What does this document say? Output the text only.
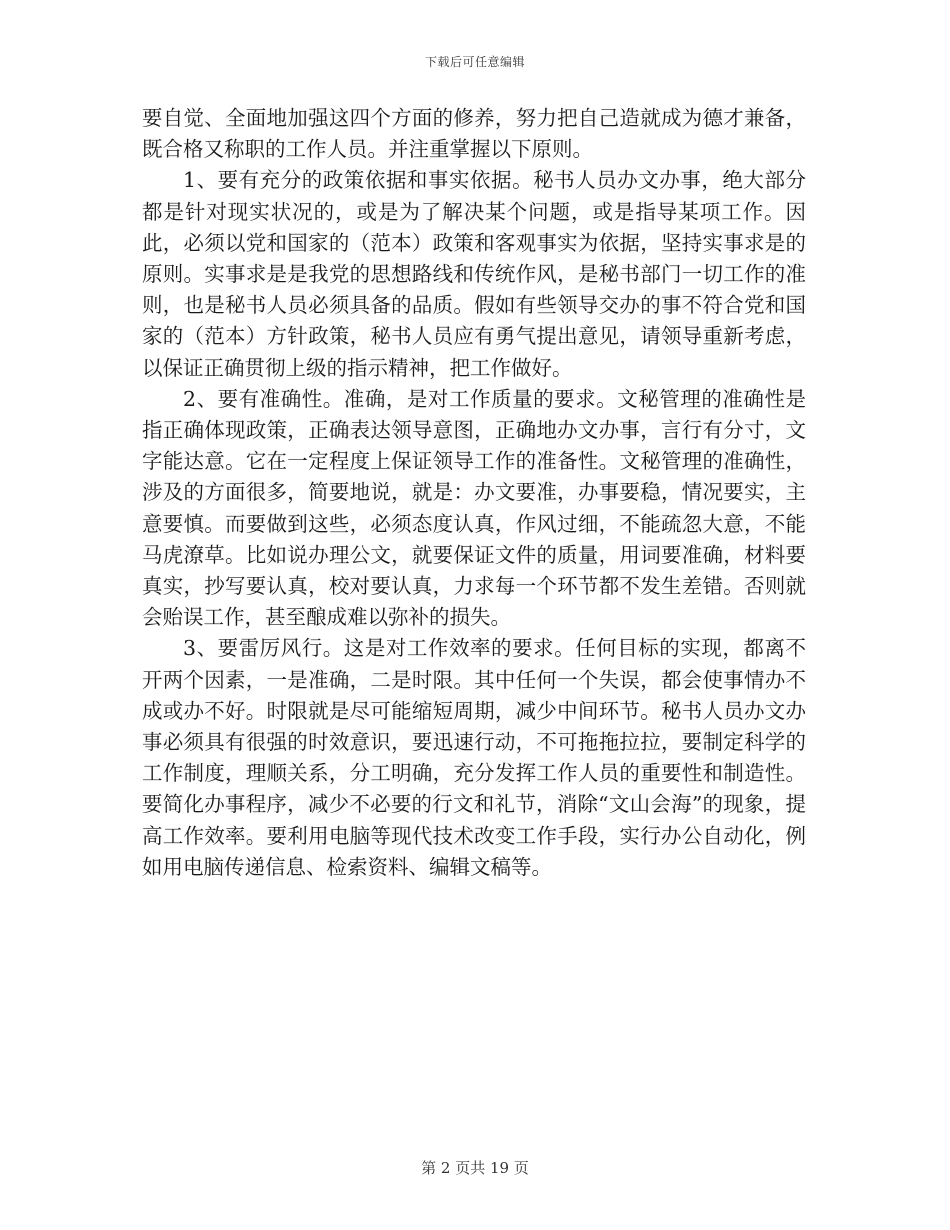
下载后可任意编辑

要自觉、全面地加强这四个方面的修养，努力把自己造就成为德才兼备，既合格又称职的工作人员。并注重掌握以下原则。

1、要有充分的政策依据和事实依据。秘书人员办文办事，绝大部分都是针对现实状况的，或是为了解决某个问题，或是指导某项工作。因此，必须以党和国家的（范本）政策和客观事实为依据，坚持实事求是的原则。实事求是是我党的思想路线和传统作风，是秘书部门一切工作的准则，也是秘书人员必须具备的品质。假如有些领导交办的事不符合党和国家的（范本）方针政策，秘书人员应有勇气提出意见，请领导重新考虑，以保证正确贯彻上级的指示精神，把工作做好。

2、要有准确性。准确，是对工作质量的要求。文秘管理的准确性是指正确体现政策，正确表达领导意图，正确地办文办事，言行有分寸，文字能达意。它在一定程度上保证领导工作的准备性。文秘管理的准确性，涉及的方面很多，简要地说，就是：办文要准，办事要稳，情况要实，主意要慎。而要做到这些，必须态度认真，作风过细，不能疏忽大意，不能马虎潦草。比如说办理公文，就要保证文件的质量，用词要准确，材料要真实，抄写要认真，校对要认真，力求每一个环节都不发生差错。否则就会贻误工作，甚至酿成难以弥补的损失。

3、要雷厉风行。这是对工作效率的要求。任何目标的实现，都离不开两个因素，一是准确，二是时限。其中任何一个失误，都会使事情办不成或办不好。时限就是尽可能缩短周期，减少中间环节。秘书人员办文办事必须具有很强的时效意识，要迅速行动，不可拖拖拉拉，要制定科学的工作制度，理顺关系，分工明确，充分发挥工作人员的重要性和制造性。要简化办事程序，减少不必要的行文和礼节，消除“文山会海”的现象，提高工作效率。要利用电脑等现代技术改变工作手段，实行办公自动化，例如用电脑传递信息、检索资料、编辑文稿等。

第 2 页共 19 页
